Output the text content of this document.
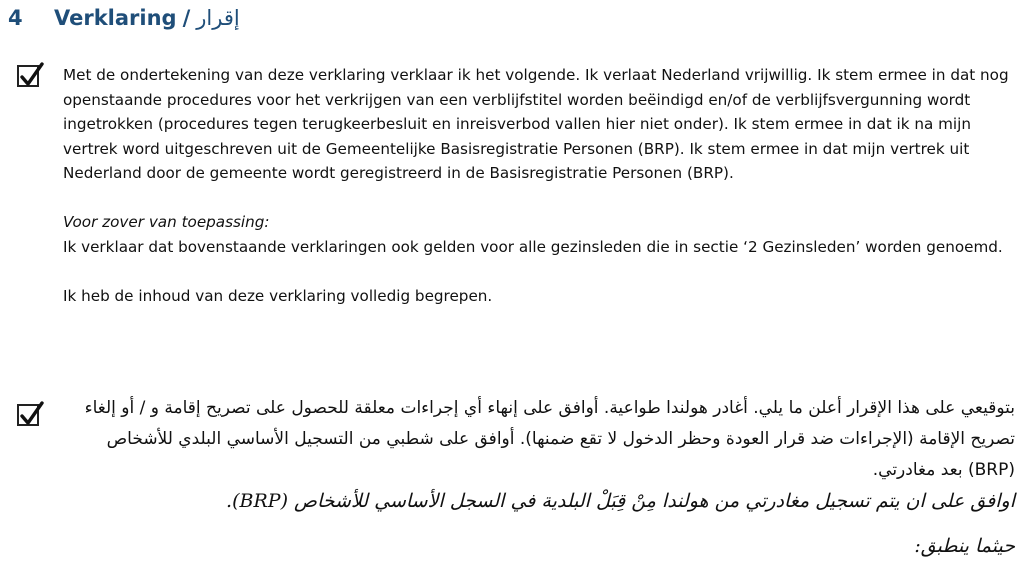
4	Verklaring / إقرار

Met de ondertekening van deze verklaring verklaar ik het volgende. Ik verlaat Nederland vrijwillig. Ik stem ermee in dat nog openstaande procedures voor het verkrijgen van een verblijfstitel worden beëindigd en/of de verblijfsvergunning wordt ingetrokken (procedures tegen terugkeerbesluit en inreisverbod vallen hier niet onder). Ik stem ermee in dat ik na mijn vertrek word uitgeschreven uit de Gemeentelijke Basisregistratie Personen (BRP). Ik stem ermee in dat mijn vertrek uit Nederland door de gemeente wordt geregistreerd in de Basisregistratie Personen (BRP).

Voor zover van toepassing:

Ik verklaar dat bovenstaande verklaringen ook gelden voor alle gezinsleden die in sectie ‘2 Gezinsleden’ worden genoemd.

Ik heb de inhoud van deze verklaring volledig begrepen.

بتوقيعي على هذا الإقرار أعلن ما يلي. أغادر هولندا طواعية. أوافق على إنهاء أي إجراءات معلقة للحصول على تصريح إقامة و / أو إلغاء تصريح الإقامة (الإجراءات ضد قرار العودة وحظر الدخول لا تقع ضمنها). أوافق على شطبي من التسجيل الأساسي البلدي للأشخاص (BRP) بعد مغادرتي.

اوافق على ان يتم تسجيل مغادرتي من هولندا مِنْ قِبَلْ البلدية في السجل الأساسي للأشخاص (BRP).

حيثما ينطبق:
